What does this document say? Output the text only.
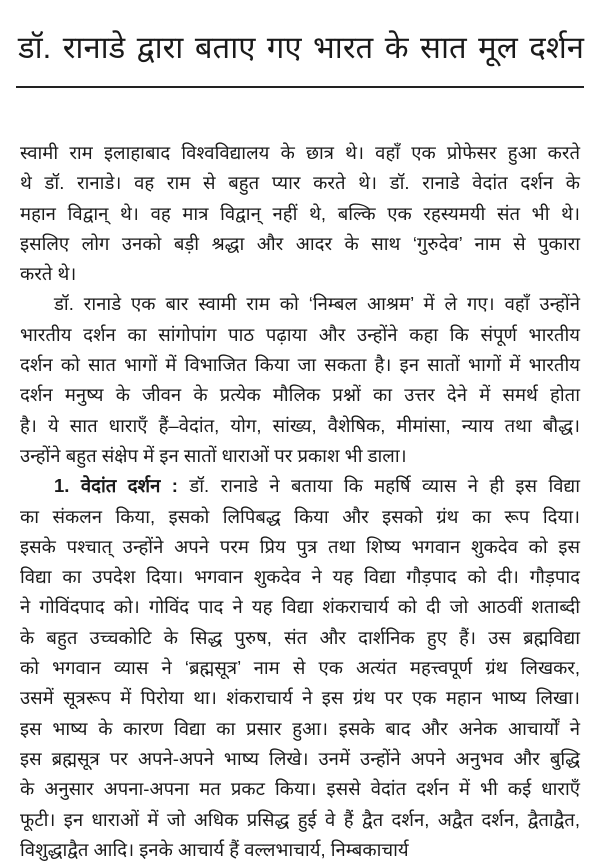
डॉ. रानाडे द्वारा बताए गए भारत के सात मूल दर्शन
स्वामी राम इलाहाबाद विश्वविद्यालय के छात्र थे। वहाँ एक प्रोफेसर हुआ करते
थे डॉ. रानाडे। वह राम से बहुत प्यार करते थे। डॉ. रानाडे वेदांत दर्शन के
महान विद्वान् थे। वह मात्र विद्वान् नहीं थे, बल्कि एक रहस्यमयी संत भी थे।
इसलिए लोग उनको बड़ी श्रद्धा और आदर के साथ ‘गुरुदेव’ नाम से पुकारा
करते थे।
डॉ. रानाडे एक बार स्वामी राम को ‘निम्बल आश्रम’ में ले गए। वहाँ उन्होंने
भारतीय दर्शन का सांगोपांग पाठ पढ़ाया और उन्होंने कहा कि संपूर्ण भारतीय
दर्शन को सात भागों में विभाजित किया जा सकता है। इन सातों भागों में भारतीय
दर्शन मनुष्य के जीवन के प्रत्येक मौलिक प्रश्नों का उत्तर देने में समर्थ होता
है। ये सात धाराएँ हैं–वेदांत, योग, सांख्य, वैशेषिक, मीमांसा, न्याय तथा बौद्ध।
उन्होंने बहुत संक्षेप में इन सातों धाराओं पर प्रकाश भी डाला।
1. वेदांत दर्शन : डॉ. रानाडे ने बताया कि महर्षि व्यास ने ही इस विद्या
का संकलन किया, इसको लिपिबद्ध किया और इसको ग्रंथ का रूप दिया।
इसके पश्चात् उन्होंने अपने परम प्रिय पुत्र तथा शिष्य भगवान शुकदेव को इस
विद्या का उपदेश दिया। भगवान शुकदेव ने यह विद्या गौड़पाद को दी। गौड़पाद
ने गोविंदपाद को। गोविंद पाद ने यह विद्या शंकराचार्य को दी जो आठवीं शताब्दी
के बहुत उच्चकोटि के सिद्ध पुरुष, संत और दार्शनिक हुए हैं। उस ब्रह्मविद्या
को भगवान व्यास ने ‘ब्रह्मसूत्र’ नाम से एक अत्यंत महत्त्वपूर्ण ग्रंथ लिखकर,
उसमें सूत्ररूप में पिरोया था। शंकराचार्य ने इस ग्रंथ पर एक महान भाष्य लिखा।
इस भाष्य के कारण विद्या का प्रसार हुआ। इसके बाद और अनेक आचार्यों ने
इस ब्रह्मसूत्र पर अपने-अपने भाष्य लिखे। उनमें उन्होंने अपने अनुभव और बुद्धि
के अनुसार अपना-अपना मत प्रकट किया। इससे वेदांत दर्शन में भी कई धाराएँ
फूटी। इन धाराओं में जो अधिक प्रसिद्ध हुई वे हैं द्वैत दर्शन, अद्वैत दर्शन, द्वैताद्वैत,
विशुद्धाद्वैत आदि। इनके आचार्य हैं वल्लभाचार्य, निम्बकाचार्य
